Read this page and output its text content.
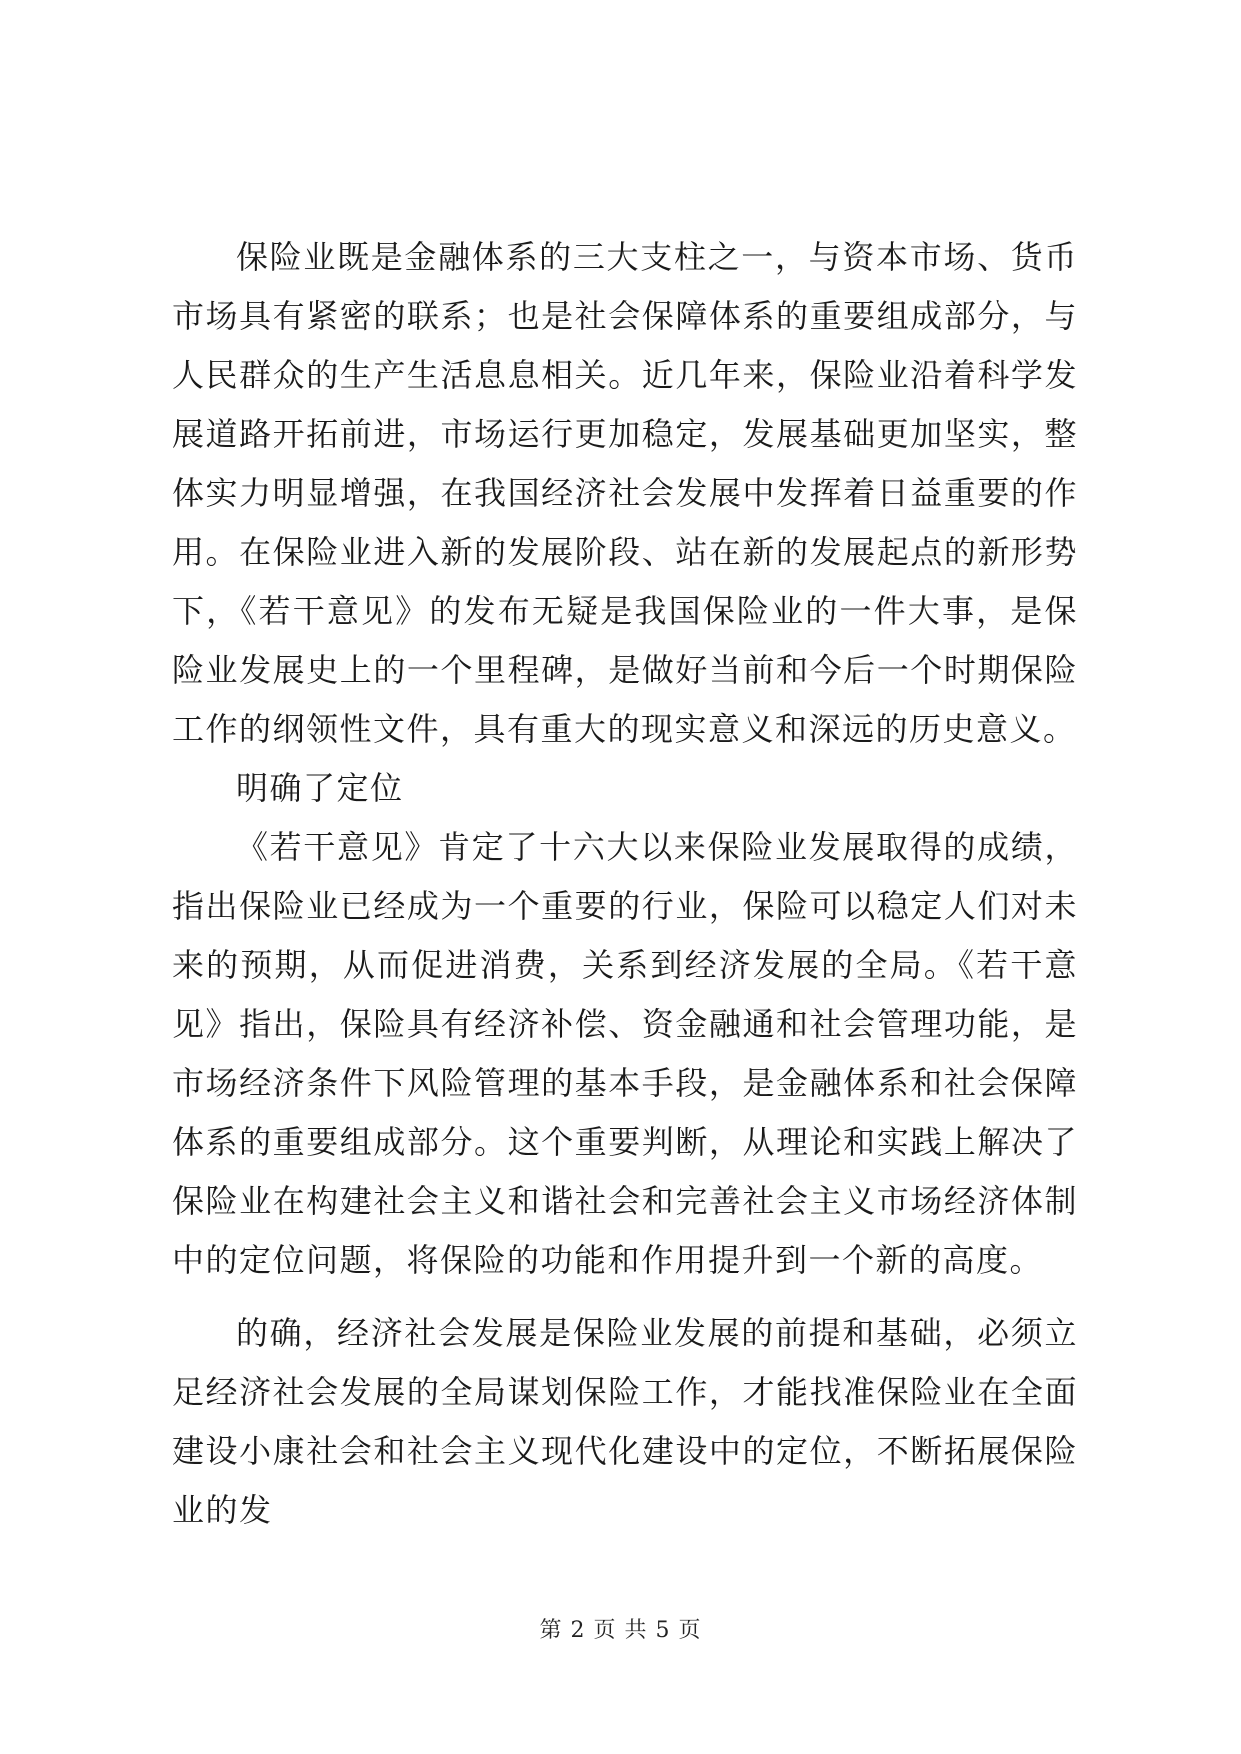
保险业既是金融体系的三大支柱之一，与资本市场、货币市场具有紧密的联系；也是社会保障体系的重要组成部分，与人民群众的生产生活息息相关。近几年来，保险业沿着科学发展道路开拓前进，市场运行更加稳定，发展基础更加坚实，整体实力明显增强，在我国经济社会发展中发挥着日益重要的作用。在保险业进入新的发展阶段、站在新的发展起点的新形势下，《若干意见》的发布无疑是我国保险业的一件大事，是保险业发展史上的一个里程碑，是做好当前和今后一个时期保险工作的纲领性文件，具有重大的现实意义和深远的历史意义。

明确了定位

《若干意见》肯定了十六大以来保险业发展取得的成绩，指出保险业已经成为一个重要的行业，保险可以稳定人们对未来的预期，从而促进消费，关系到经济发展的全局。《若干意见》指出，保险具有经济补偿、资金融通和社会管理功能，是市场经济条件下风险管理的基本手段，是金融体系和社会保障体系的重要组成部分。这个重要判断，从理论和实践上解决了保险业在构建社会主义和谐社会和完善社会主义市场经济体制中的定位问题，将保险的功能和作用提升到一个新的高度。

的确，经济社会发展是保险业发展的前提和基础，必须立足经济社会发展的全局谋划保险工作，才能找准保险业在全面建设小康社会和社会主义现代化建设中的定位，不断拓展保险业的发

第 2 页 共 5 页
